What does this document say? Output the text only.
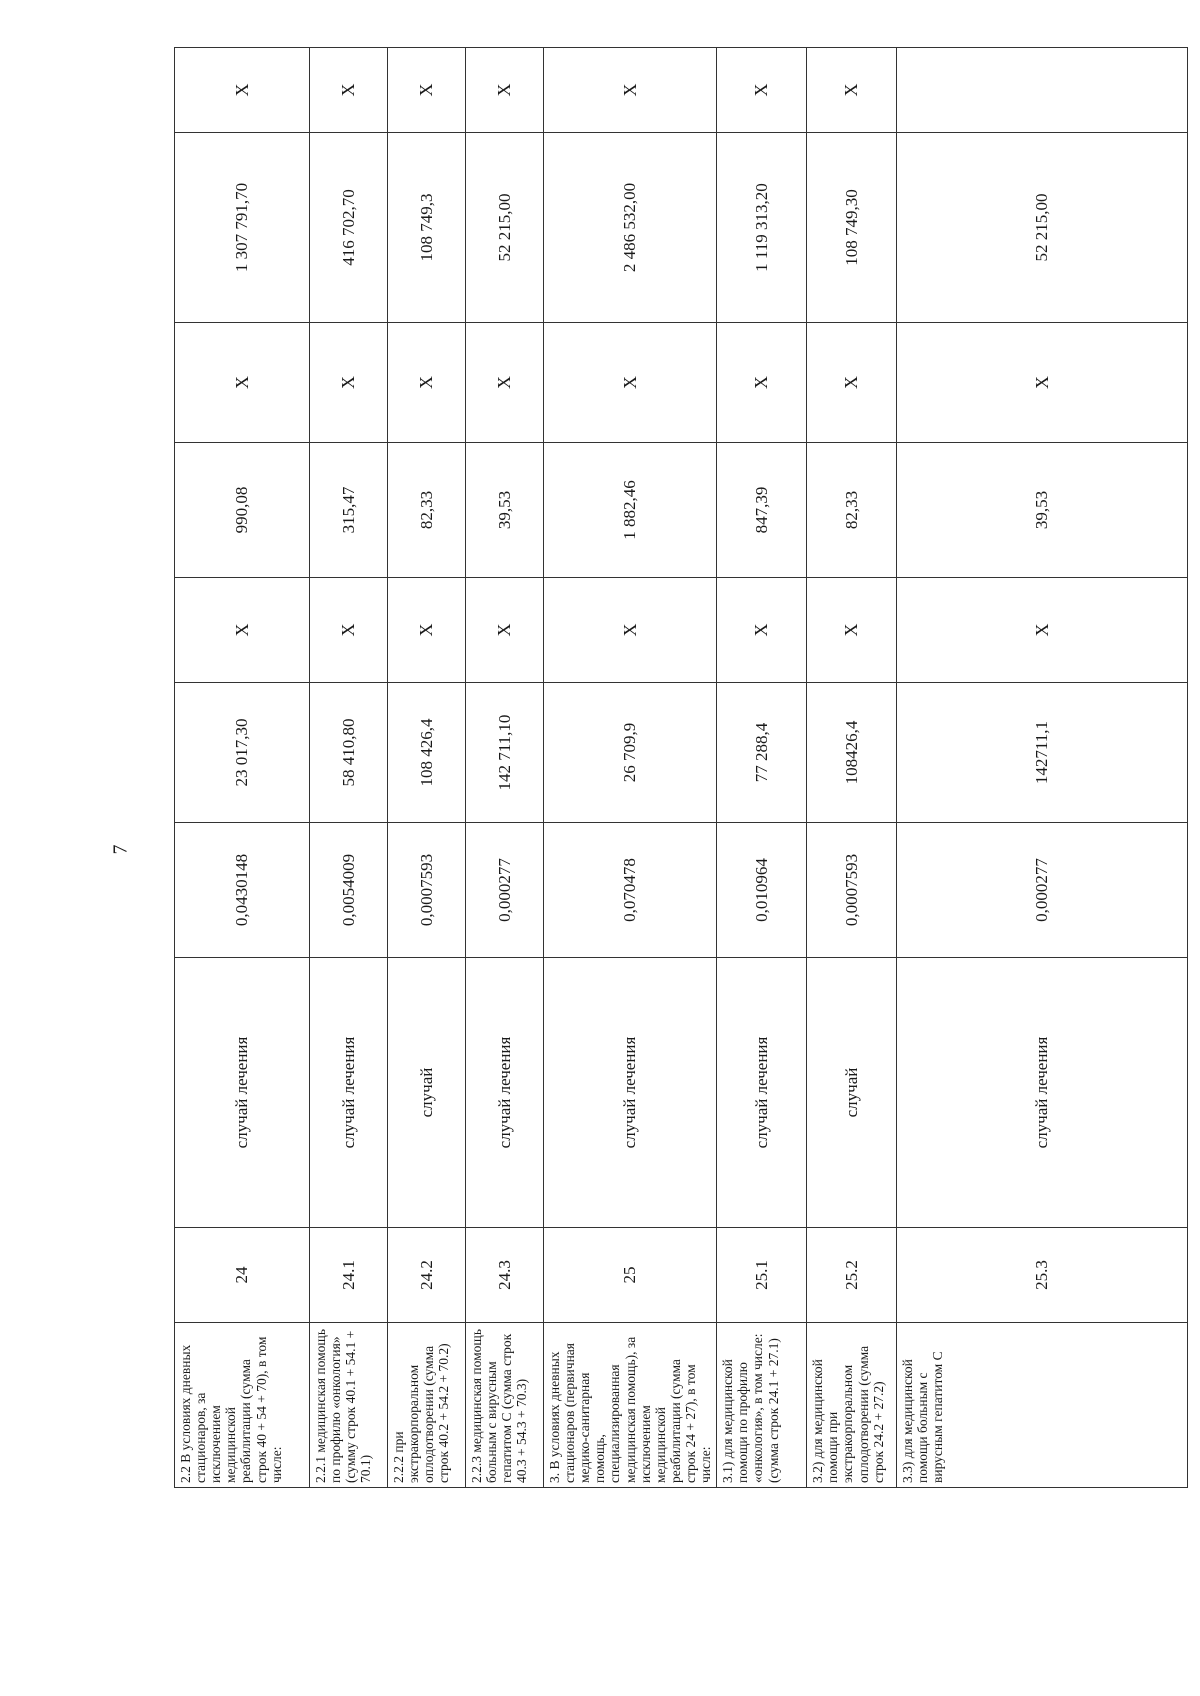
7
2.2 В условиях дневных стационаров, за исключением медицинской реабилитации (сумма строк 40 + 54 + 70), в том числе:	24	случай лечения	0,0430148	23 017,30	X	990,08	X	1 307 791,70	X
2.2.1 медицинская помощь по профилю «онкология» (сумму строк 40.1 + 54.1 + 70.1)	24.1	случай лечения	0,0054009	58 410,80	X	315,47	X	416 702,70	X
2.2.2 при экстракорпоральном оплодотворении (сумма строк 40.2 + 54.2 + 70.2)	24.2	случай	0,0007593	108 426,4	X	82,33	X	108 749,3	X
2.2.3 медицинская помощь больным с вирусным гепатитом С (сумма строк 40.3 + 54.3 + 70.3)	24.3	случай лечения	0,000277	142 711,10	X	39,53	X	52 215,00	X
3. В условиях дневных стационаров (первичная медико-санитарная помощь, специализированная медицинская помощь), за исключением медицинской реабилитации (сумма строк 24 + 27), в том числе:	25	случай лечения	0,070478	26 709,9	X	1 882,46	X	2 486 532,00	X
3.1) для медицинской помощи по профилю «онкология», в том числе: (сумма строк 24.1 + 27.1)	25.1	случай лечения	0,010964	77 288,4	X	847,39	X	1 119 313,20	X
3.2) для медицинской помощи при экстракорпоральном оплодотворении (сумма строк 24.2 + 27.2)	25.2	случай	0,0007593	108426,4	X	82,33	X	108 749,30	X
3.3) для медицинской помощи больным с вирусным гепатитом С	25.3	случай лечения	0,000277	142711,1	X	39,53	X	52 215,00	
